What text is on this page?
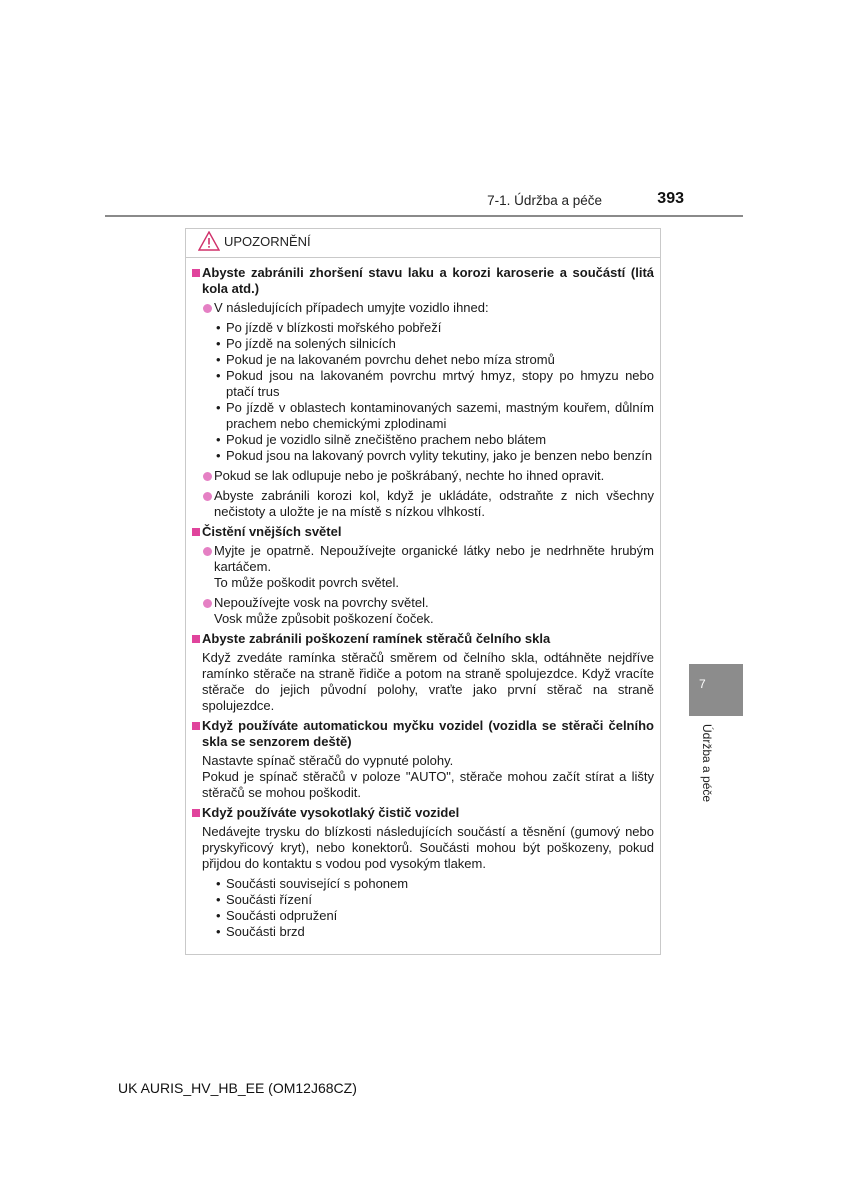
7-1. Údržba a péče	393
UPOZORNĚNÍ
Abyste zabránili zhoršení stavu laku a korozi karoserie a součástí (litá kola atd.)
V následujících případech umyjte vozidlo ihned:
• Po jízdě v blízkosti mořského pobřeží
• Po jízdě na solených silnicích
• Pokud je na lakovaném povrchu dehet nebo míza stromů
• Pokud jsou na lakovaném povrchu mrtvý hmyz, stopy po hmyzu nebo ptačí trus
• Po jízdě v oblastech kontaminovaných sazemi, mastným kouřem, důlním prachem nebo chemickými zplodinami
• Pokud je vozidlo silně znečištěno prachem nebo blátem
• Pokud jsou na lakovaný povrch vylity tekutiny, jako je benzen nebo benzín
Pokud se lak odlupuje nebo je poškrábaný, nechte ho ihned opravit.
Abyste zabránili korozi kol, když je ukládáte, odstraňte z nich všechny nečistoty a uložte je na místě s nízkou vlhkostí.
Čistění vnějších světel
Myjte je opatrně. Nepoužívejte organické látky nebo je nedrhněte hrubým kartáčem.
To může poškodit povrch světel.
Nepoužívejte vosk na povrchy světel.
Vosk může způsobit poškození čoček.
Abyste zabránili poškození ramínek stěračů čelního skla
Když zvedáte ramínka stěračů směrem od čelního skla, odtáhněte nejdříve ramínko stěrače na straně řidiče a potom na straně spolujezdce. Když vracíte stěrače do jejich původní polohy, vraťte jako první stěrač na straně spolujezdce.
Když používáte automatickou myčku vozidel (vozidla se stěrači čelního skla se senzorem deště)
Nastavte spínač stěračů do vypnuté polohy.
Pokud je spínač stěračů v poloze "AUTO", stěrače mohou začít stírat a lišty stěračů se mohou poškodit.
Když používáte vysokotlaký čistič vozidel
Nedávejte trysku do blízkosti následujících součástí a těsnění (gumový nebo pryskyřicový kryt), nebo konektorů. Součásti mohou být poškozeny, pokud přijdou do kontaktu s vodou pod vysokým tlakem.
• Součásti související s pohonem
• Součásti řízení
• Součásti odpružení
• Součásti brzd
7
Údržba a péče
UK AURIS_HV_HB_EE (OM12J68CZ)
